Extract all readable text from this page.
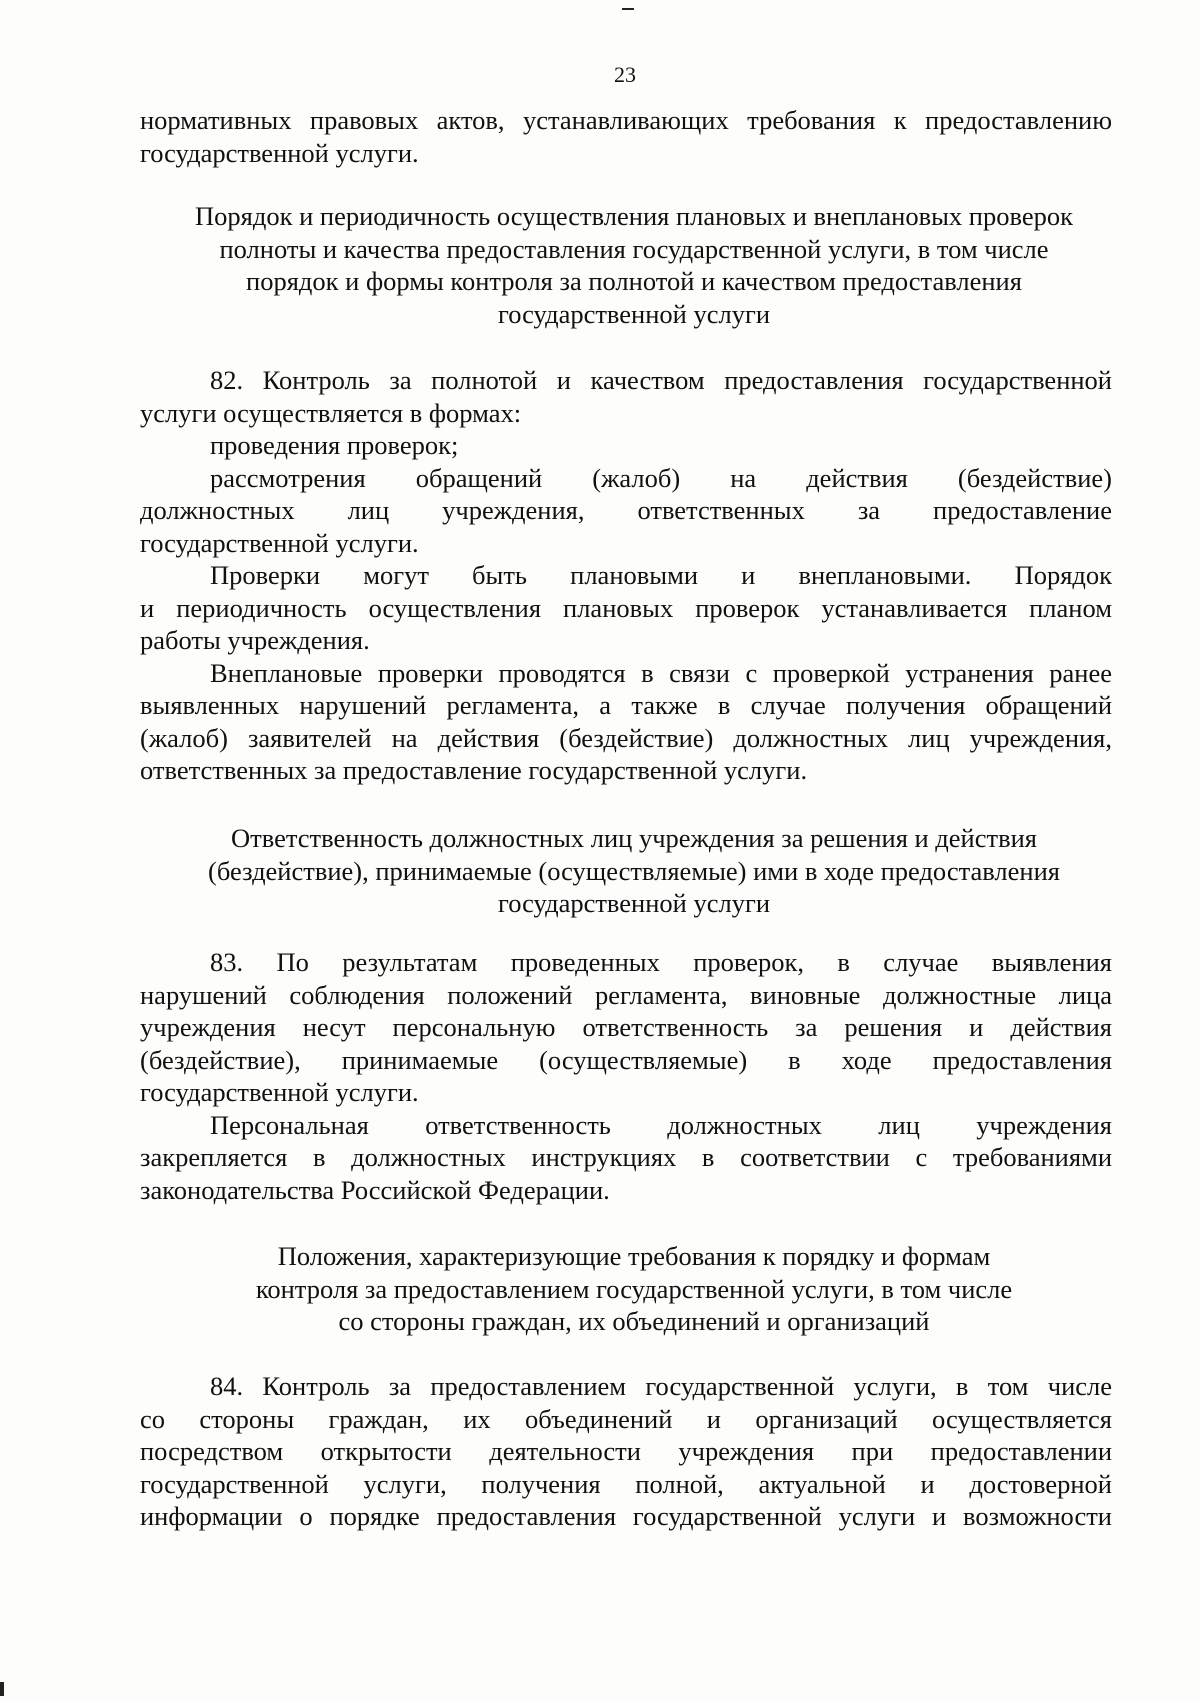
23
нормативных правовых актов, устанавливающих требования к предоставлению
государственной услуги.
Порядок и периодичность осуществления плановых и внеплановых проверок
полноты и качества предоставления государственной услуги, в том числе
порядок и формы контроля за полнотой и качеством предоставления
государственной услуги
82. Контроль за полнотой и качеством предоставления государственной
услуги осуществляется в формах:
проведения проверок;
рассмотрения обращений (жалоб) на действия (бездействие)
должностных лиц учреждения, ответственных за предоставление
государственной услуги.
Проверки могут быть плановыми и внеплановыми. Порядок
и периодичность осуществления плановых проверок устанавливается планом
работы учреждения.
Внеплановые проверки проводятся в связи с проверкой устранения ранее
выявленных нарушений регламента, а также в случае получения обращений
(жалоб) заявителей на действия (бездействие) должностных лиц учреждения,
ответственных за предоставление государственной услуги.
Ответственность должностных лиц учреждения за решения и действия
(бездействие), принимаемые (осуществляемые) ими в ходе предоставления
государственной услуги
83. По результатам проведенных проверок, в случае выявления
нарушений соблюдения положений регламента, виновные должностные лица
учреждения несут персональную ответственность за решения и действия
(бездействие), принимаемые (осуществляемые) в ходе предоставления
государственной услуги.
Персональная ответственность должностных лиц учреждения
закрепляется в должностных инструкциях в соответствии с требованиями
законодательства Российской Федерации.
Положения, характеризующие требования к порядку и формам
контроля за предоставлением государственной услуги, в том числе
со стороны граждан, их объединений и организаций
84. Контроль за предоставлением государственной услуги, в том числе
со стороны граждан, их объединений и организаций осуществляется
посредством открытости деятельности учреждения при предоставлении
государственной услуги, получения полной, актуальной и достоверной
информации о порядке предоставления государственной услуги и возможности
